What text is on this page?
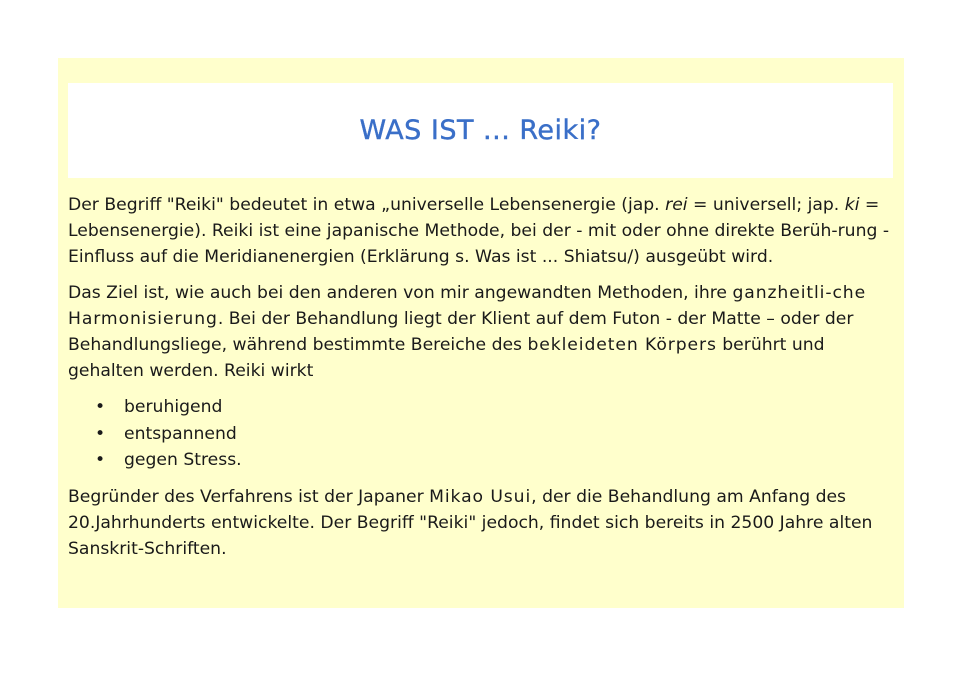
WAS IST ... Reiki?

Der Begriff "Reiki" bedeutet in etwa „universelle Lebensenergie (jap. rei = universell; jap. ki = Lebensenergie). Reiki ist eine japanische Methode, bei der - mit oder ohne direkte Berüh-rung - Einfluss auf die Meridianenergien (Erklärung s. Was ist ... Shiatsu/) ausgeübt wird.

Das Ziel ist, wie auch bei den anderen von mir angewandten Methoden, ihre ganzheitli-che Harmonisierung. Bei der Behandlung liegt der Klient auf dem Futon - der Matte – oder der Behandlungsliege, während bestimmte Bereiche des bekleideten Körpers berührt und gehalten werden. Reiki wirkt

• beruhigend
• entspannend
• gegen Stress.

Begründer des Verfahrens ist der Japaner Mikao Usui, der die Behandlung am Anfang des 20.Jahrhunderts entwickelte. Der Begriff "Reiki" jedoch, findet sich bereits in 2500 Jahre alten Sanskrit-Schriften.
